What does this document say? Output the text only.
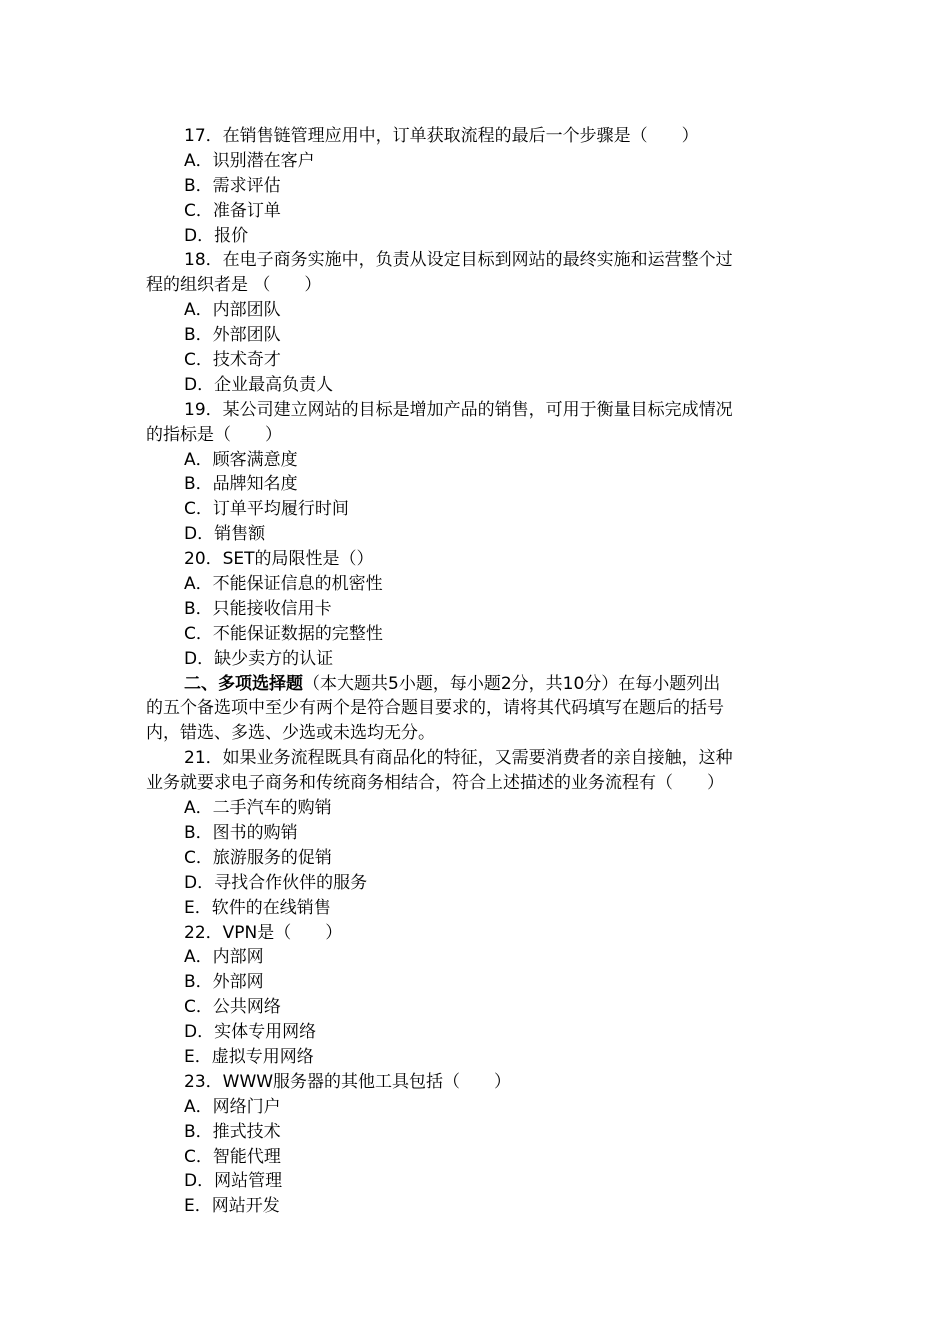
17．在销售链管理应用中，订单获取流程的最后一个步骤是（　　）
A．识别潜在客户
B．需求评估
C．准备订单
D．报价
18．在电子商务实施中，负责从设定目标到网站的最终实施和运营整个过
程的组织者是 （　　）
A．内部团队
B．外部团队
C．技术奇才
D．企业最高负责人
19．某公司建立网站的目标是增加产品的销售，可用于衡量目标完成情况
的指标是（　　）
A．顾客满意度
B．品牌知名度
C．订单平均履行时间
D．销售额
20．SET的局限性是（）
A．不能保证信息的机密性
B．只能接收信用卡
C．不能保证数据的完整性
D．缺少卖方的认证
二、多项选择题（本大题共5小题，每小题2分，共10分）在每小题列出
的五个备选项中至少有两个是符合题目要求的，请将其代码填写在题后的括号
内，错选、多选、少选或未选均无分。
21．如果业务流程既具有商品化的特征，又需要消费者的亲自接触，这种
业务就要求电子商务和传统商务相结合，符合上述描述的业务流程有（　　）
A．二手汽车的购销
B．图书的购销
C．旅游服务的促销
D．寻找合作伙伴的服务
E．软件的在线销售
22．VPN是（　　）
A．内部网
B．外部网
C．公共网络
D．实体专用网络
E．虚拟专用网络
23．WWW服务器的其他工具包括（　　）
A．网络门户
B．推式技术
C．智能代理
D．网站管理
E．网站开发
